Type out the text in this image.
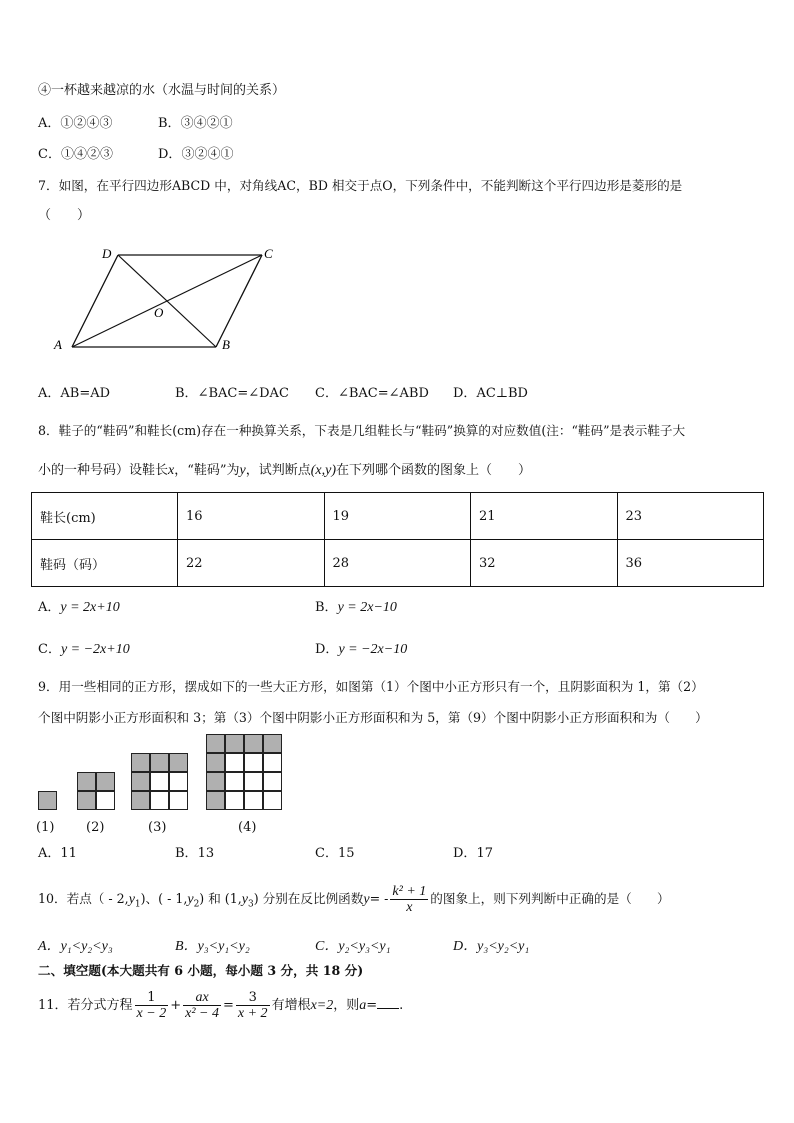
④一杯越来越凉的水（水温与时间的关系）
A．①②④③	B．③④②①
C．①④②③	D．③②④①
7．如图，在平行四边形ABCD 中，对角线AC，BD 相交于点O，下列条件中，不能判断这个平行四边形是菱形的是
（　　）
A	B
C
D
O
A．AB=AD	B．∠BAC=∠DAC C．∠BAC=∠ABD D．AC⊥BD
8．鞋子的“鞋码”和鞋长(cm)存在一种换算关系，下表是几组鞋长与“鞋码”换算的对应数值(注：“鞋码”是表示鞋子大
小的一种号码）设鞋长x，“鞋码”为y，试判断点(x,y)在下列哪个函数的图象上（　　）
鞋长(cm)	16	19	21	23
鞋码（码）	22	28	32	36
A．y = 2x+10	B．y = 2x−10
C．y = −2x+10	D．y = −2x−10
9．用一些相同的正方形，摆成如下的一些大正方形，如图第（1）个图中小正方形只有一个，且阴影面积为 1，第（2）
个图中阴影小正方形面积和 3；第（3）个图中阴影小正方形面积和为 5，第（9）个图中阴影小正方形面积和为（　　）
(1) (2)	(3)	(4)
A．11	B．13	C．15	D．17
10．若点（ - $2,y_1$)、( - $1,y_2$) 和 $(1,y_3)$ 分别在反比例函数$y= - \frac{\text{k² + 1}}{x}$ 的图象上，则下列判断中正确的是（　　）
A．y₁<y₂<y₃	B．y₃<y₁<y₂	C．y₂<y₃<y₁	D．y₃<y₂<y₁
二、填空题(本大题共有 6 小题，每小题 3 分，共 18 分)
11．若分式方程 $\frac{1}{x - 2} + \frac{ax}{\text{x² − 4}} = \frac{3}{x + 2}$ 有增根x=2，则a= .
